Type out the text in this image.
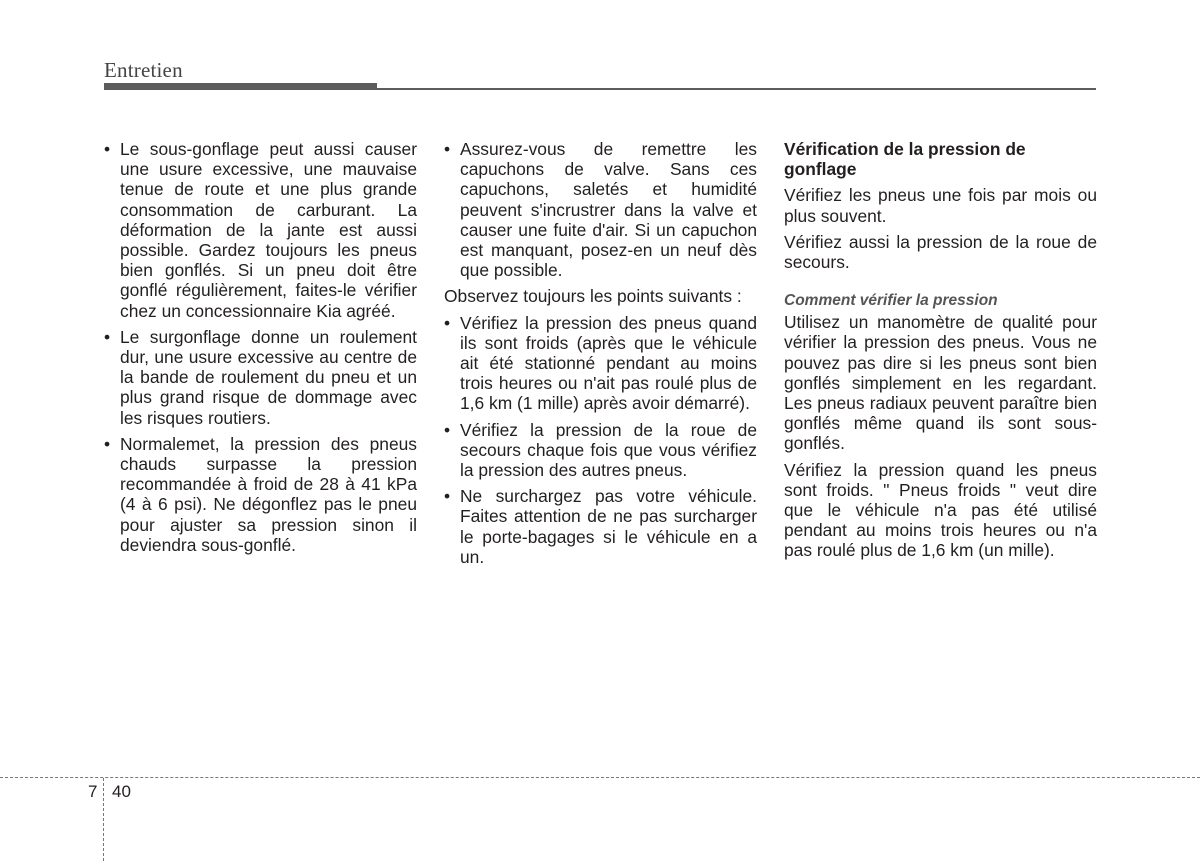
Entretien
• Le sous-gonflage peut aussi causer une usure excessive, une mauvaise tenue de route et une plus grande consommation de carburant. La déformation de la jante est aussi possible. Gardez toujours les pneus bien gonflés. Si un pneu doit être gonflé régulièrement, faites-le vérifier chez un concessionnaire Kia agréé.
• Le surgonflage donne un roulement dur, une usure excessive au centre de la bande de roulement du pneu et un plus grand risque de dommage avec les risques routiers.
• Normalemet, la pression des pneus chauds surpasse la pression recommandée à froid de 28 à 41 kPa (4 à 6 psi). Ne dégonflez pas le pneu pour ajuster sa pression sinon il deviendra sous-gonflé.
• Assurez-vous de remettre les capuchons de valve. Sans ces capuchons, saletés et humidité peuvent s'incrustrer dans la valve et causer une fuite d'air. Si un capuchon est manquant, posez-en un neuf dès que possible.

Observez toujours les points suivants :

• Vérifiez la pression des pneus quand ils sont froids (après que le véhicule ait été stationné pendant au moins trois heures ou n'ait pas roulé plus de 1,6 km (1 mille) après avoir démarré).
• Vérifiez la pression de la roue de secours chaque fois que vous vérifiez la pression des autres pneus.
• Ne surchargez pas votre véhicule. Faites attention de ne pas surcharger le porte-bagages si le véhicule en a un.
Vérification de la pression de gonflage

Vérifiez les pneus une fois par mois ou plus souvent.

Vérifiez aussi la pression de la roue de secours.

Comment vérifier la pression

Utilisez un manomètre de qualité pour vérifier la pression des pneus. Vous ne pouvez pas dire si les pneus sont bien gonflés simplement en les regardant. Les pneus radiaux peuvent paraître bien gonflés même quand ils sont sous-gonflés.

Vérifiez la pression quand les pneus sont froids. " Pneus froids " veut dire que le véhicule n'a pas été utilisé pendant au moins trois heures ou n'a pas roulé plus de 1,6 km (un mille).

7 40
